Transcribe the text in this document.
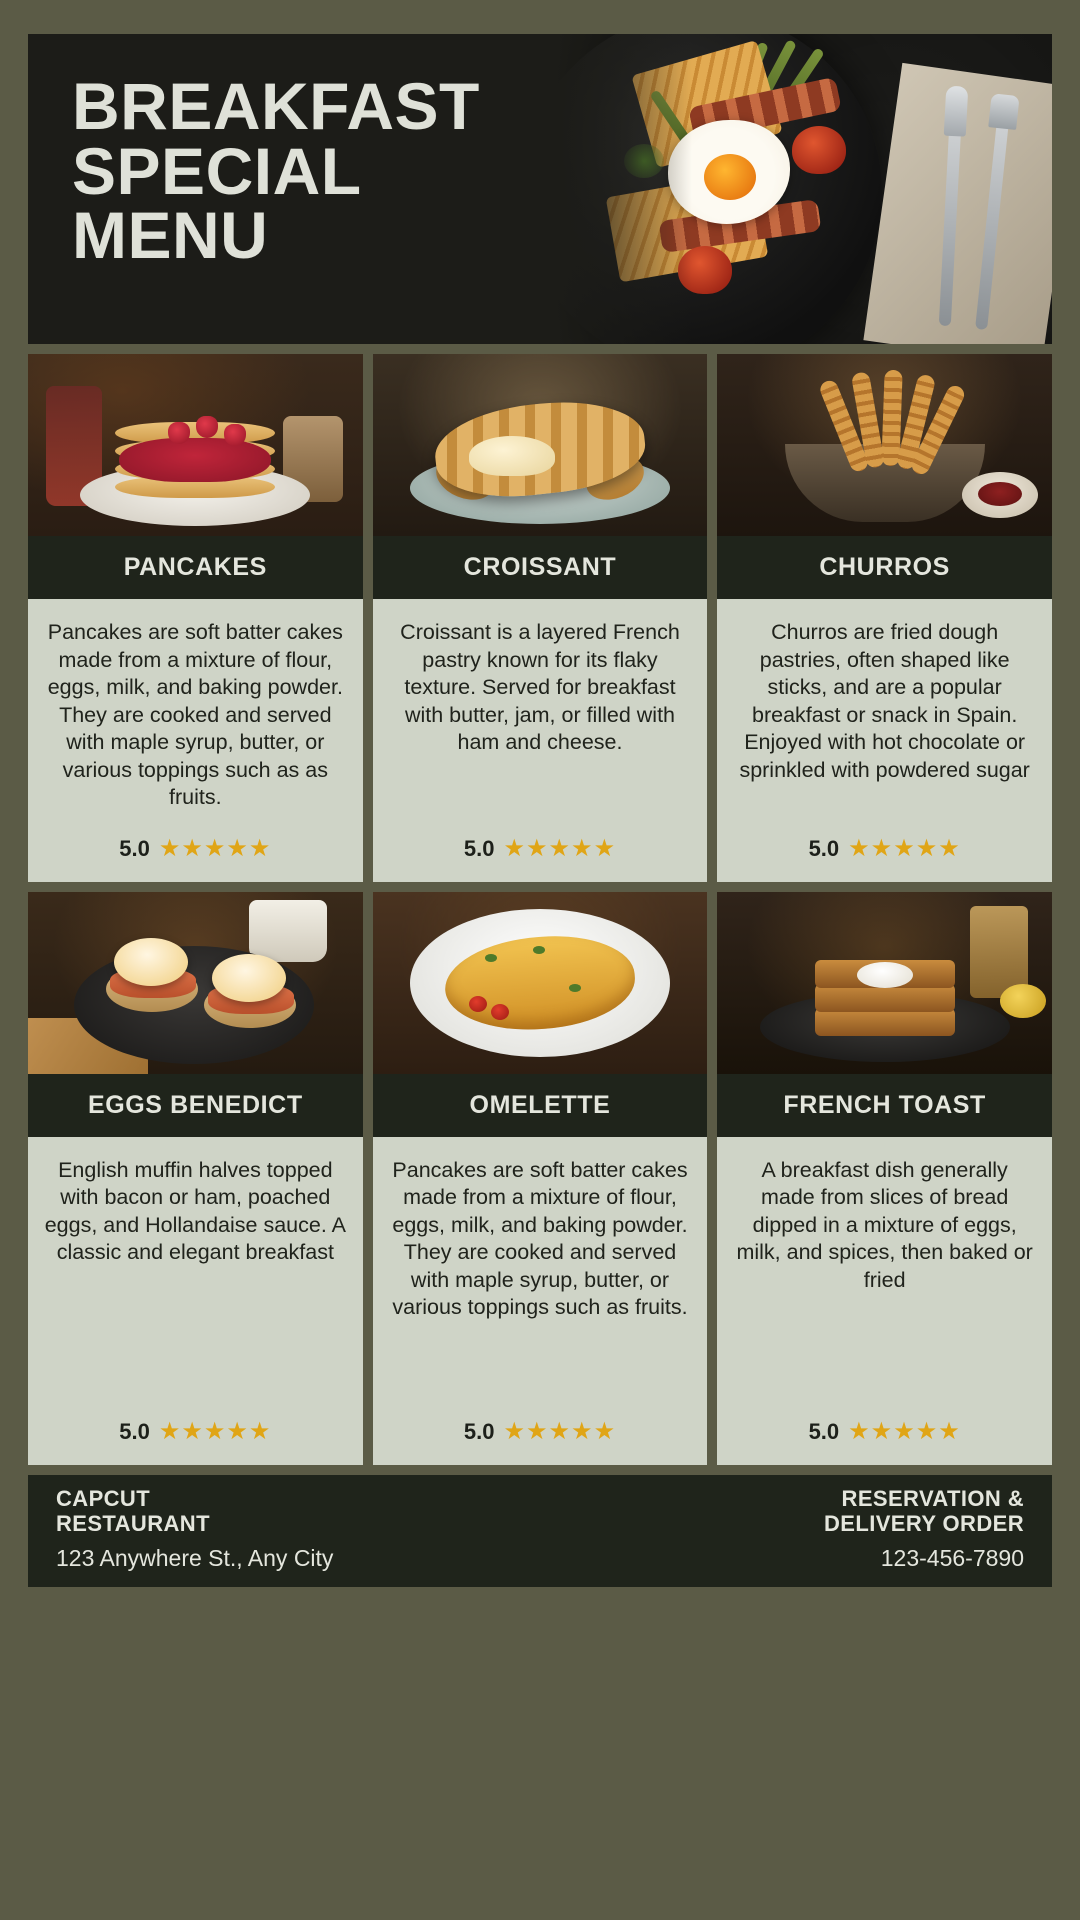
BREAKFAST
SPECIAL
MENU
PANCAKES
Pancakes are soft batter cakes made from a mixture of flour, eggs, milk, and baking powder. They are cooked and served with maple syrup, butter, or various toppings such as as fruits.
5.0 ★★★★★
CROISSANT
Croissant is a layered French pastry known for its flaky texture. Served for breakfast with butter, jam, or filled with ham and cheese.
5.0 ★★★★★
CHURROS
Churros are fried dough pastries, often shaped like sticks, and are a popular breakfast or snack in Spain. Enjoyed with hot chocolate or sprinkled with powdered sugar
5.0 ★★★★★
EGGS BENEDICT
English muffin halves topped with bacon or ham, poached eggs, and Hollandaise sauce. A classic and elegant breakfast
5.0 ★★★★★
OMELETTE
Pancakes are soft batter cakes made from a mixture of flour, eggs, milk, and baking powder. They are cooked and served with maple syrup, butter, or various toppings such as fruits.
5.0 ★★★★★
FRENCH TOAST
A breakfast dish generally made from slices of bread dipped in a mixture of eggs, milk, and spices, then baked or fried
5.0 ★★★★★
CAPCUT
RESTAURANT
123 Anywhere St., Any City
RESERVATION &
DELIVERY ORDER
123-456-7890
